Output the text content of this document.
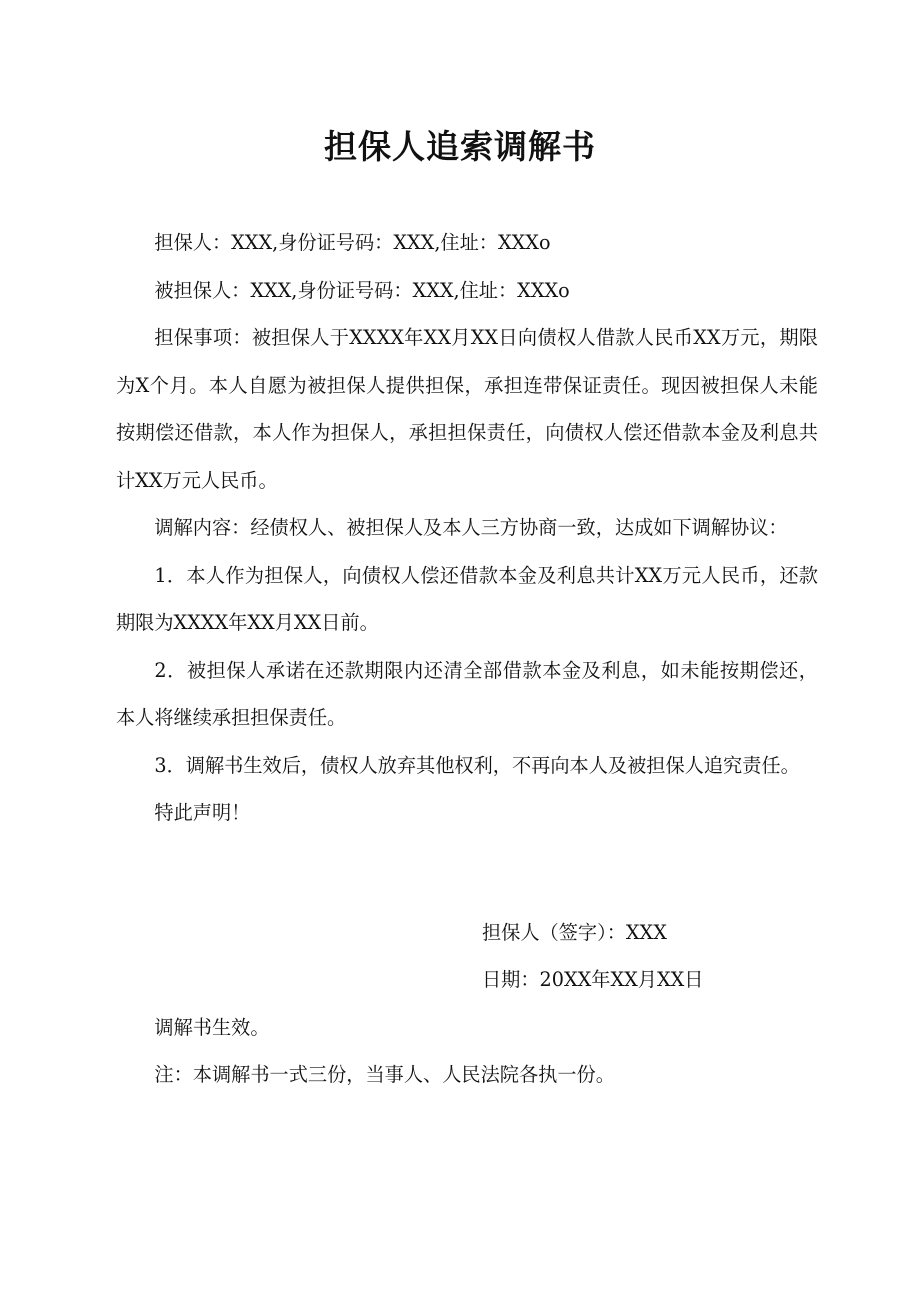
担保人追索调解书

担保人：XXX,身份证号码：XXX,住址：XXXo

被担保人：XXX,身份证号码：XXX,住址：XXXo

担保事项：被担保人于XXXX年XX月XX日向债权人借款人民币XX万元，期限为X个月。本人自愿为被担保人提供担保，承担连带保证责任。现因被担保人未能按期偿还借款，本人作为担保人，承担担保责任，向债权人偿还借款本金及利息共计XX万元人民币。

调解内容：经债权人、被担保人及本人三方协商一致，达成如下调解协议：

1．本人作为担保人，向债权人偿还借款本金及利息共计XX万元人民币，还款期限为XXXX年XX月XX日前。

2．被担保人承诺在还款期限内还清全部借款本金及利息，如未能按期偿还，本人将继续承担担保责任。

3．调解书生效后，债权人放弃其他权利，不再向本人及被担保人追究责任。

特此声明！

担保人（签字）：XXX

日期：20XX年XX月XX日

调解书生效。

注：本调解书一式三份，当事人、人民法院各执一份。
